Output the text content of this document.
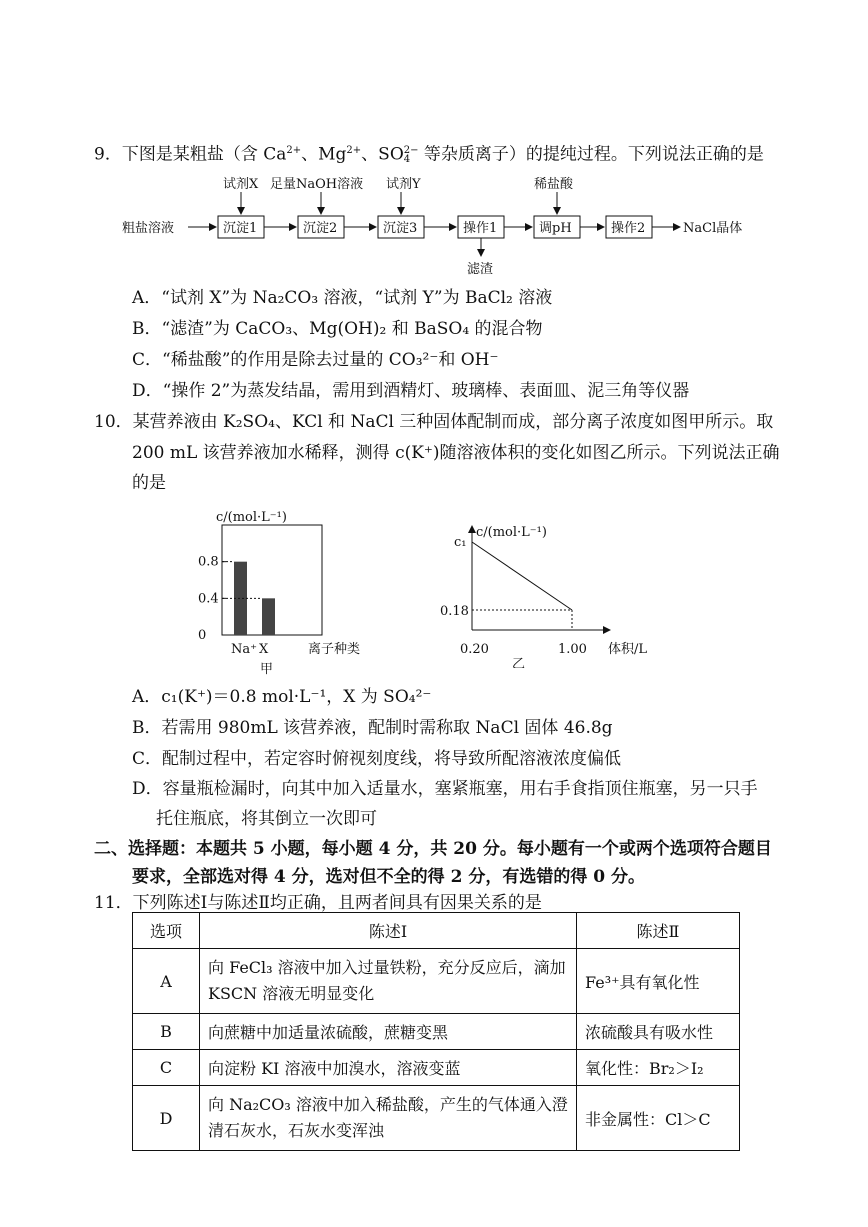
9．下图是某粗盐（含 $Ca^{2+}$、$Mg^{2+}$、SO 2−
4 等杂质离子）的提纯过程。下列说法正确的是
粗盐溶液	沉淀1	沉淀2	沉淀3	操作1	调pH	操作2	NaCl晶体
试剂X 足量NaOH溶液 试剂Y	稀盐酸
滤渣
A．“试剂 X”为 Na₂CO₃ 溶液，“试剂 Y”为 BaCl₂ 溶液
B．“滤渣”为 CaCO₃、Mg(OH)₂ 和 BaSO₄ 的混合物
C．“稀盐酸”的作用是除去过量的 CO₃²⁻和 OH⁻
D．“操作 2”为蒸发结晶，需用到酒精灯、玻璃棒、表面皿、泥三角等仪器
10．某营养液由 K₂SO₄、KCl 和 NaCl 三种固体配制而成，部分离子浓度如图甲所示。取
200 mL 该营养液加水稀释，测得 c(K⁺)随溶液体积的变化如图乙所示。下列说法正确
的是
c/(mol·L⁻¹)
离子种类
甲
0
0.4
0.8
Na⁺ X
c/(mol·L⁻¹)
体积/L
乙
c₁
0.18
0.20	1.00
A．c₁(K⁺)＝0.8 mol·L⁻¹，X 为 SO₄²⁻
B．若需用 980mL 该营养液，配制时需称取 NaCl 固体 46.8g
C．配制过程中，若定容时俯视刻度线，将导致所配溶液浓度偏低
D．容量瓶检漏时，向其中加入适量水，塞紧瓶塞，用右手食指顶住瓶塞，另一只手
托住瓶底，将其倒立一次即可
二、选择题：本题共 5 小题，每小题 4 分，共 20 分。每小题有一个或两个选项符合题目
要求，全部选对得 4 分，选对但不全的得 2 分，有选错的得 0 分。
11．下列陈述Ⅰ与陈述Ⅱ均正确，且两者间具有因果关系的是
选项	陈述Ⅰ	陈述Ⅱ
A	向 FeCl₃ 溶液中加入过量铁粉，充分反应后，滴加 KSCN 溶液无明显变化	Fe³⁺具有氧化性
B	向蔗糖中加适量浓硫酸，蔗糖变黑	浓硫酸具有吸水性
C	向淀粉 KI 溶液中加溴水，溶液变蓝	氧化性：Br₂＞I₂
D	向 Na₂CO₃ 溶液中加入稀盐酸，产生的气体通入澄清石灰水，石灰水变浑浊	非金属性：Cl＞C
